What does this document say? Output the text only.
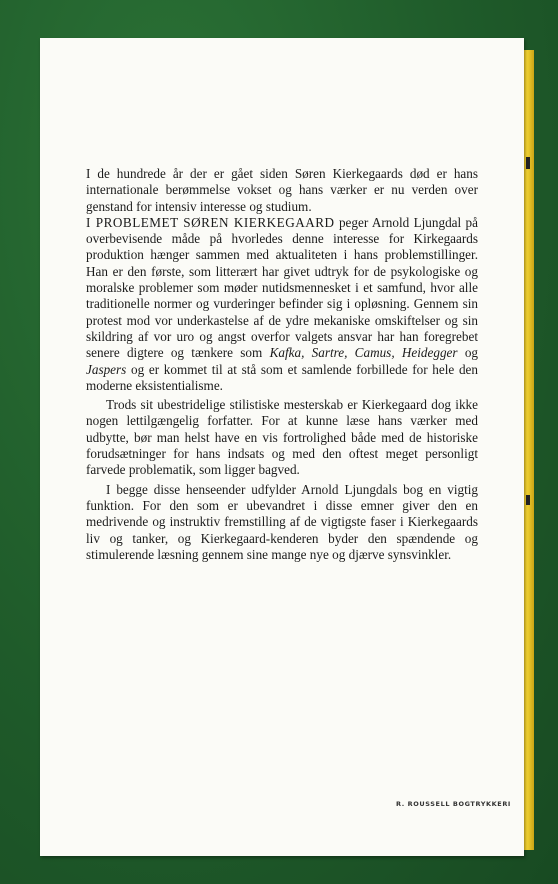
I de hundrede år der er gået siden Søren Kierkegaards død er hans internationale berømmelse vokset og hans værker er nu verden over genstand for intensiv interesse og studium.

I PROBLEMET SØREN KIERKEGAARD peger Arnold Ljungdal på overbevisende måde på hvorledes denne interesse for Kirkegaards produktion hænger sammen med aktualiteten i hans problemstillinger. Han er den første, som litterært har givet udtryk for de psykologiske og moralske problemer som møder nutidsmennesket i et samfund, hvor alle traditionelle normer og vurderinger befinder sig i opløsning. Gennem sin protest mod vor underkastelse af de ydre mekaniske omskiftelser og sin skildring af vor uro og angst overfor valgets ansvar har han foregrebet senere digtere og tænkere som Kafka, Sartre, Camus, Heidegger og Jaspers og er kommet til at stå som et samlende forbillede for hele den moderne eksistentialisme.

Trods sit ubestridelige stilistiske mesterskab er Kierkegaard dog ikke nogen lettilgængelig forfatter. For at kunne læse hans værker med udbytte, bør man helst have en vis fortrolighed både med de historiske forudsætninger for hans indsats og med den oftest meget personligt farvede problematik, som ligger bagved.

I begge disse henseender udfylder Arnold Ljungdals bog en vigtig funktion. For den som er ubevandret i disse emner giver den en medrivende og instruktiv fremstilling af de vigtigste faser i Kierkegaards liv og tanker, og Kierkegaard-kenderen byder den spændende og stimulerende læsning gennem sine mange nye og djærve synsvinkler.

R. ROUSSELL BOGTRYKKERI
